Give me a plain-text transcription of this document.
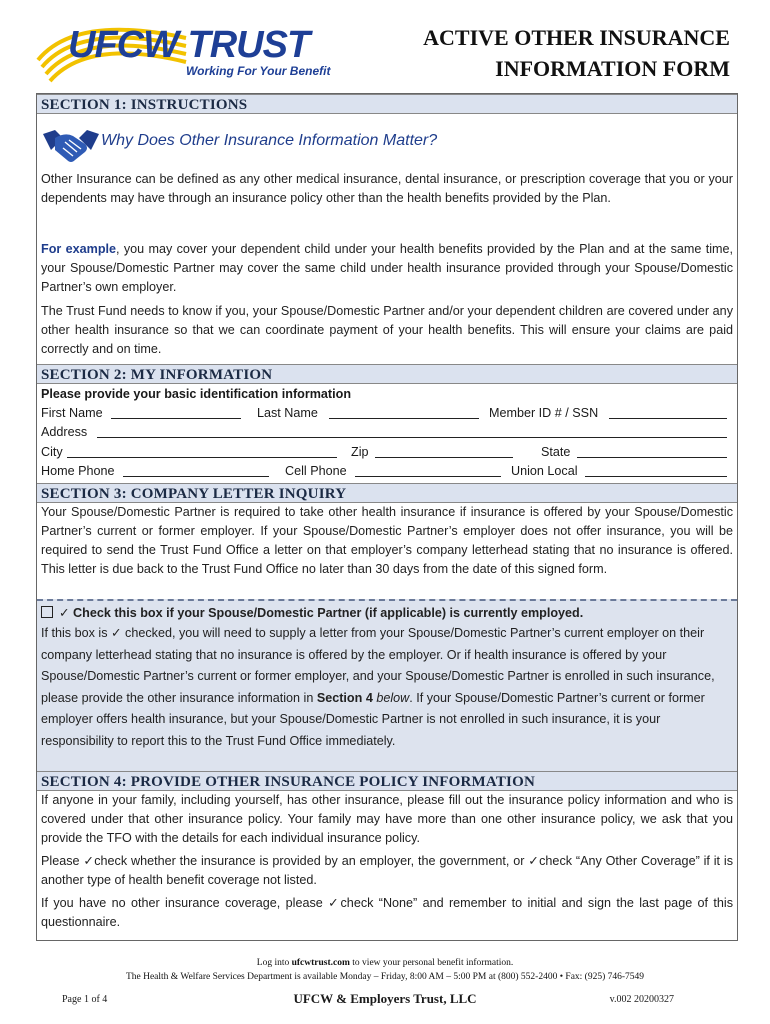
UFCW TRUST
Working For Your Benefit
ACTIVE OTHER INSURANCE
INFORMATION FORM
SECTION 1: INSTRUCTIONS
Why Does Other Insurance Information Matter?
Other Insurance can be defined as any other medical insurance, dental insurance, or prescription coverage that you or your dependents may have through an insurance policy other than the health benefits provided by the Plan.
For example, you may cover your dependent child under your health benefits provided by the Plan and at the same time, your Spouse/Domestic Partner may cover the same child under health insurance provided through your Spouse/Domestic Partner’s own employer.
The Trust Fund needs to know if you, your Spouse/Domestic Partner and/or your dependent children are covered under any other health insurance so that we can coordinate payment of your health benefits. This will ensure your claims are paid correctly and on time.
SECTION 2: MY INFORMATION
Please provide your basic identification information
First Name	Last Name	Member ID # / SSN
Address
City	Zip	State
Home Phone	Cell Phone	Union Local
SECTION 3: COMPANY LETTER INQUIRY
Your Spouse/Domestic Partner is required to take other health insurance if insurance is offered by your Spouse/Domestic Partner’s current or former employer. If your Spouse/Domestic Partner’s employer does not offer insurance, you will be required to send the Trust Fund Office a letter on that employer’s company letterhead stating that no insurance is offered. This letter is due back to the Trust Fund Office no later than 30 days from the date of this signed form.
✓ Check this box if your Spouse/Domestic Partner (if applicable) is currently employed.
If this box is ✓ checked, you will need to supply a letter from your Spouse/Domestic Partner’s current employer on their company letterhead stating that no insurance is offered by the employer. Or if health insurance is offered by your Spouse/Domestic Partner’s current or former employer, and your Spouse/Domestic Partner is enrolled in such insurance, please provide the other insurance information in Section 4 below. If your Spouse/Domestic Partner’s current or former employer offers health insurance, but your Spouse/Domestic Partner is not enrolled in such insurance, it is your responsibility to report this to the Trust Fund Office immediately.
SECTION 4: PROVIDE OTHER INSURANCE POLICY INFORMATION
If anyone in your family, including yourself, has other insurance, please fill out the insurance policy information and who is covered under that other insurance policy. Your family may have more than one other insurance policy, we ask that you provide the TFO with the details for each individual insurance policy.
Please ✓check whether the insurance is provided by an employer, the government, or ✓check “Any Other Coverage” if it is another type of health benefit coverage not listed.
If you have no other insurance coverage, please ✓check “None” and remember to initial and sign the last page of this questionnaire.
Log into ufcwtrust.com to view your personal benefit information.
The Health & Welfare Services Department is available Monday – Friday, 8:00 AM – 5:00 PM at (800) 552-2400 • Fax: (925) 746-7549
Page 1 of 4	UFCW & Employers Trust, LLC	v.002 20200327
